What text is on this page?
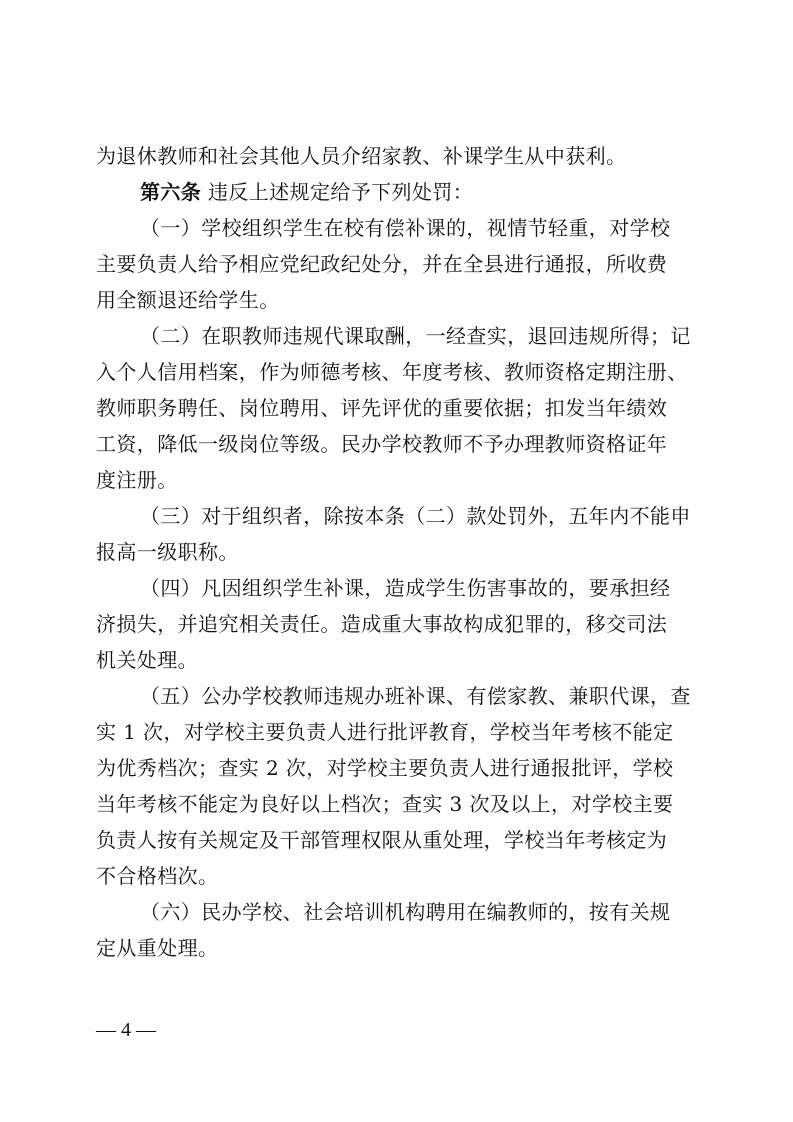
为退休教师和社会其他人员介绍家教、补课学生从中获利。
第六条 违反上述规定给予下列处罚：
（一）学校组织学生在校有偿补课的，视情节轻重，对学校
主要负责人给予相应党纪政纪处分，并在全县进行通报，所收费
用全额退还给学生。
（二）在职教师违规代课取酬，一经查实，退回违规所得；记
入个人信用档案，作为师德考核、年度考核、教师资格定期注册、
教师职务聘任、岗位聘用、评先评优的重要依据；扣发当年绩效
工资，降低一级岗位等级。民办学校教师不予办理教师资格证年
度注册。
（三）对于组织者，除按本条（二）款处罚外，五年内不能申
报高一级职称。
（四）凡因组织学生补课，造成学生伤害事故的，要承担经
济损失，并追究相关责任。造成重大事故构成犯罪的，移交司法
机关处理。
（五）公办学校教师违规办班补课、有偿家教、兼职代课，查
实 1 次，对学校主要负责人进行批评教育，学校当年考核不能定
为优秀档次；查实 2 次，对学校主要负责人进行通报批评，学校
当年考核不能定为良好以上档次；查实 3 次及以上，对学校主要
负责人按有关规定及干部管理权限从重处理，学校当年考核定为
不合格档次。
（六）民办学校、社会培训机构聘用在编教师的，按有关规
定从重处理。
— 4 —
